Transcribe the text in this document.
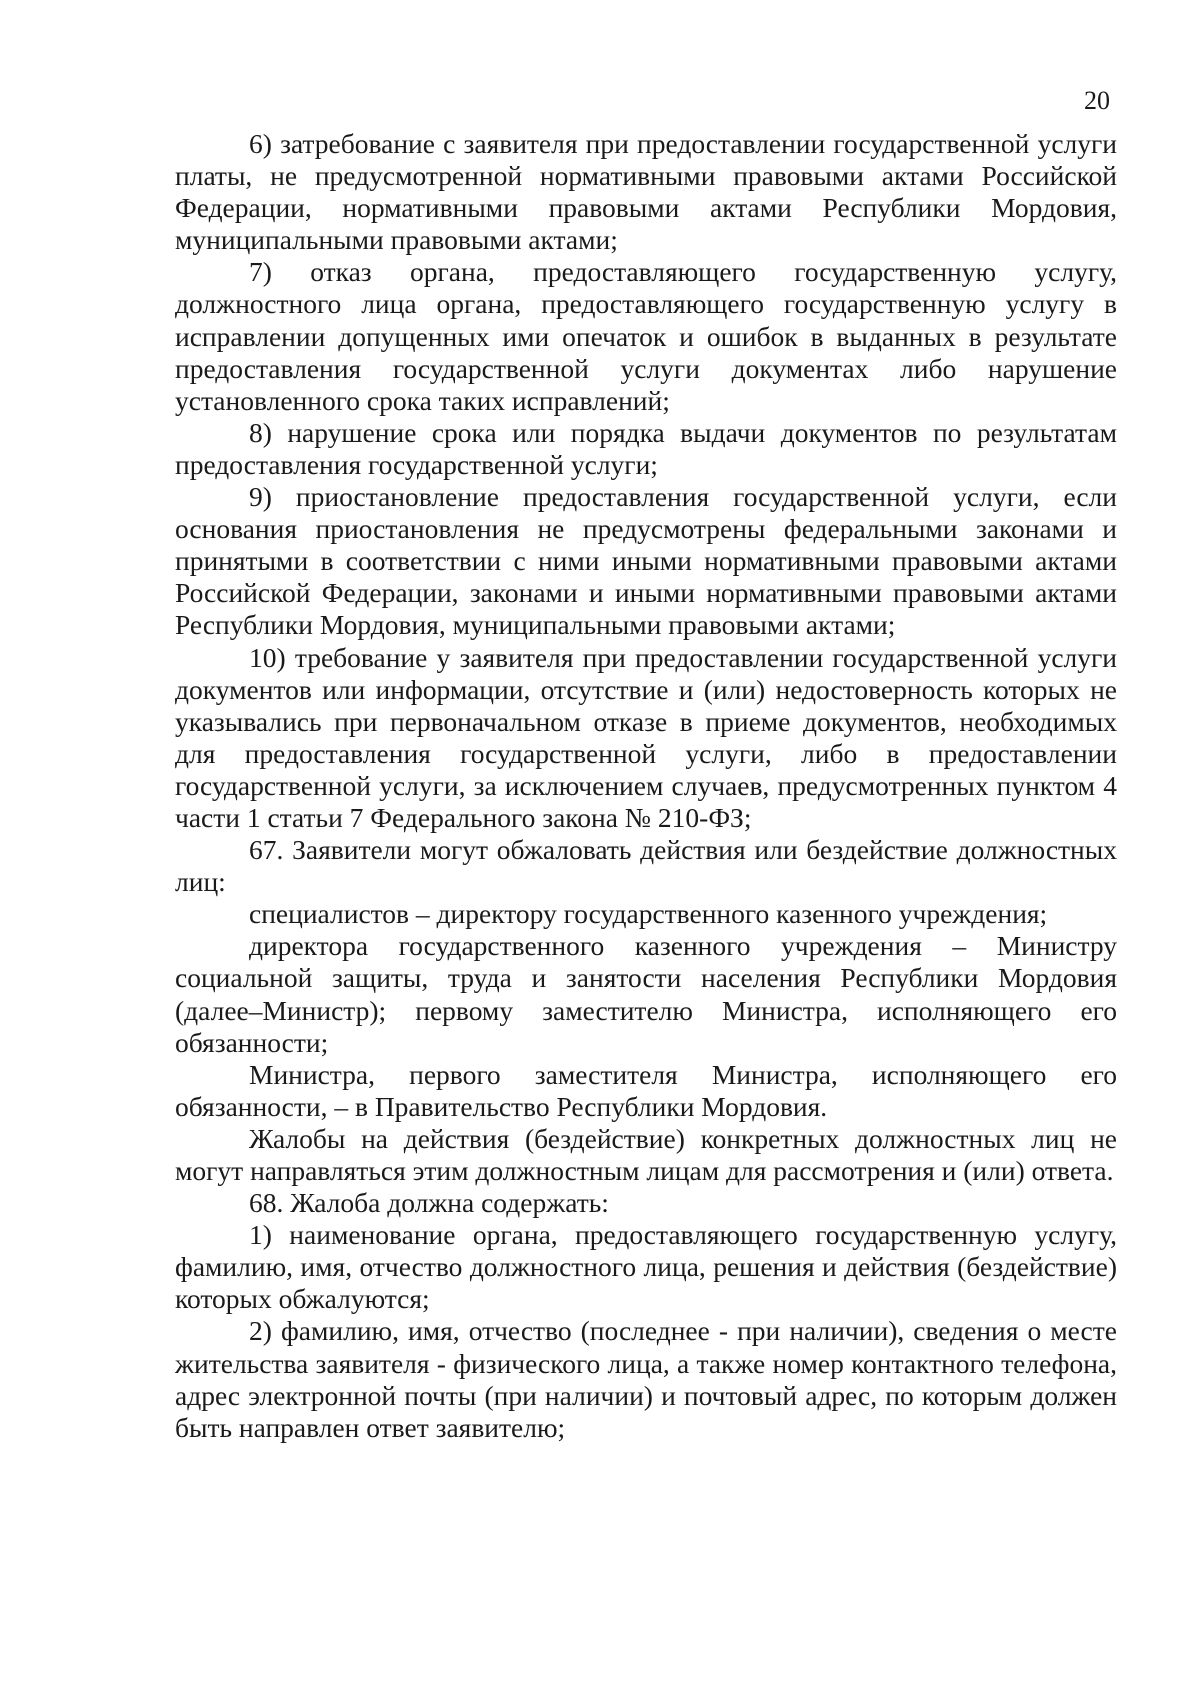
20

6) затребование с заявителя при предоставлении государственной услуги платы, не предусмотренной нормативными правовыми актами Российской Федерации, нормативными правовыми актами Республики Мордовия, муниципальными правовыми актами;

7) отказ органа, предоставляющего государственную услугу, должностного лица органа, предоставляющего государственную услугу в исправлении допущенных ими опечаток и ошибок в выданных в результате предоставления государственной услуги документах либо нарушение установленного срока таких исправлений;

8) нарушение срока или порядка выдачи документов по результатам предоставления государственной услуги;

9) приостановление предоставления государственной услуги, если основания приостановления не предусмотрены федеральными законами и принятыми в соответствии с ними иными нормативными правовыми актами Российской Федерации, законами и иными нормативными правовыми актами Республики Мордовия, муниципальными правовыми актами;

10) требование у заявителя при предоставлении государственной услуги документов или информации, отсутствие и (или) недостоверность которых не указывались при первоначальном отказе в приеме документов, необходимых для предоставления государственной услуги, либо в предоставлении государственной услуги, за исключением случаев, предусмотренных пунктом 4 части 1 статьи 7 Федерального закона № 210-ФЗ;

67. Заявители могут обжаловать действия или бездействие должностных лиц:

специалистов – директору государственного казенного учреждения;

директора государственного казенного учреждения – Министру социальной защиты, труда и занятости населения Республики Мордовия (далее–Министр); первому заместителю Министра, исполняющего его обязанности;

Министра, первого заместителя Министра, исполняющего его обязанности, – в Правительство Республики Мордовия.

Жалобы на действия (бездействие) конкретных должностных лиц не могут направляться этим должностным лицам для рассмотрения и (или) ответа.

68. Жалоба должна содержать:

1) наименование органа, предоставляющего государственную услугу, фамилию, имя, отчество должностного лица, решения и действия (бездействие) которых обжалуются;

2) фамилию, имя, отчество (последнее - при наличии), сведения о месте жительства заявителя - физического лица, а также номер контактного телефона, адрес электронной почты (при наличии) и почтовый адрес, по которым должен быть направлен ответ заявителю;
